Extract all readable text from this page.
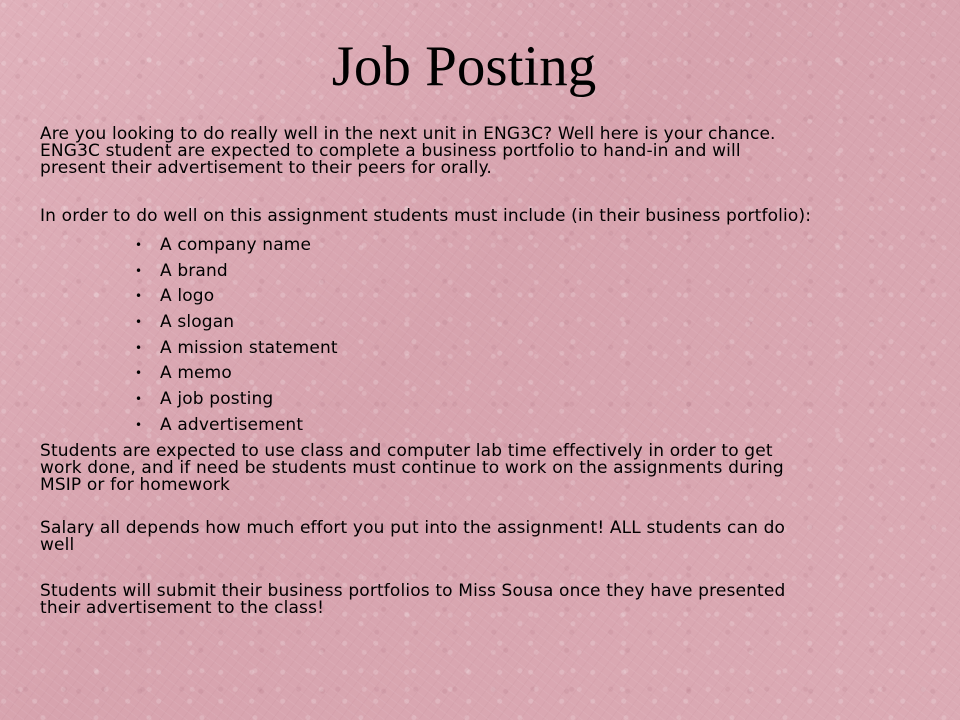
Job Posting
Are you looking to do really well in the next unit in ENG3C? Well here is your chance.
ENG3C student are expected to complete a business portfolio to hand-in and will
present their advertisement to their peers for orally.
In order to do well on this assignment students must include (in their business portfolio):
• A company name
• A brand
• A logo
• A slogan
• A mission statement
• A memo
• A job posting
• A advertisement
Students are expected to use class and computer lab time effectively in order to get
work done, and if need be students must continue to work on the assignments during
MSIP or for homework
Salary all depends how much effort you put into the assignment! ALL students can do
well
Students will submit their business portfolios to Miss Sousa once they have presented
their advertisement to the class!
